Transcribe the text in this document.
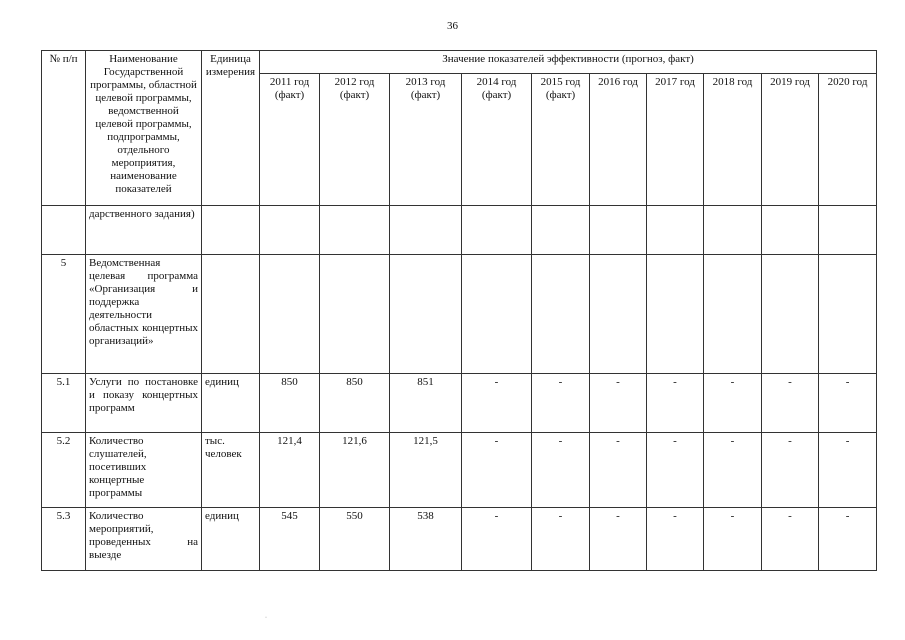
36
№ п/п	Наименование Государственной программы, областной целевой программы, ведомственной целевой программы, подпрограммы, отдельного мероприятия, наименование показателей	Единица измерения	Значение показателей эффективности (прогноз, факт)									
			2011 год (факт)	2012 год (факт)	2013 год (факт)	2014 год (факт)	2015 год (факт)	2016 год	2017 год	2018 год	2019 год	2020 год
	дарственного задания)											
5	Ведомственная целевая программа «Организация и поддержка деятельности областных концертных организаций»											
5.1	Услуги по постановке и показу концертных программ	единиц	850	850	851	-	-	-	-	-	-	-
5.2	Количество слушателей, посетивших концертные программы	тыс. человек	121,4	121,6	121,5	-	-	-	-	-	-	-
5.3	Количество мероприятий, проведенных на выезде	единиц	545	550	538	-	-	-	-	-	-	-
·
